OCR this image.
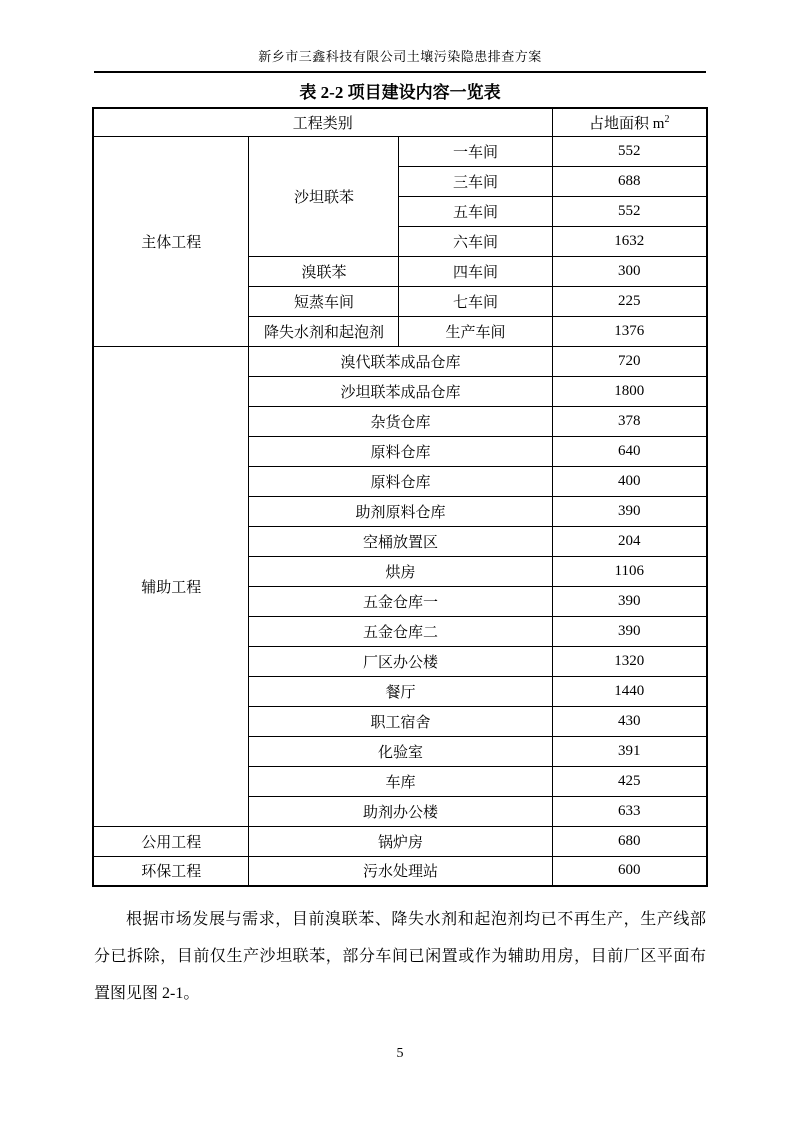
新乡市三鑫科技有限公司土壤污染隐患排查方案
表 2-2 项目建设内容一览表
工程类别			占地面积 $m^2$
主体工程	沙坦联苯	一车间	552
		三车间	688
		五车间	552
		六车间	1632
	溴联苯	四车间	300
	短蒸车间	七车间	225
	降失水剂和起泡剂	生产车间	1376
辅助工程	溴代联苯成品仓库		720
	沙坦联苯成品仓库		1800
	杂货仓库		378
	原料仓库		640
	原料仓库		400
	助剂原料仓库		390
	空桶放置区		204
	烘房		1106
	五金仓库一		390
	五金仓库二		390
	厂区办公楼		1320
	餐厅		1440
	职工宿舍		430
	化验室		391
	车库		425
	助剂办公楼		633
公用工程	锅炉房		680
环保工程	污水处理站		600
根据市场发展与需求，目前溴联苯、降失水剂和起泡剂均已不再生产，生产线部
分已拆除，目前仅生产沙坦联苯，部分车间已闲置或作为辅助用房，目前厂区平面布
置图见图 2-1。
5
